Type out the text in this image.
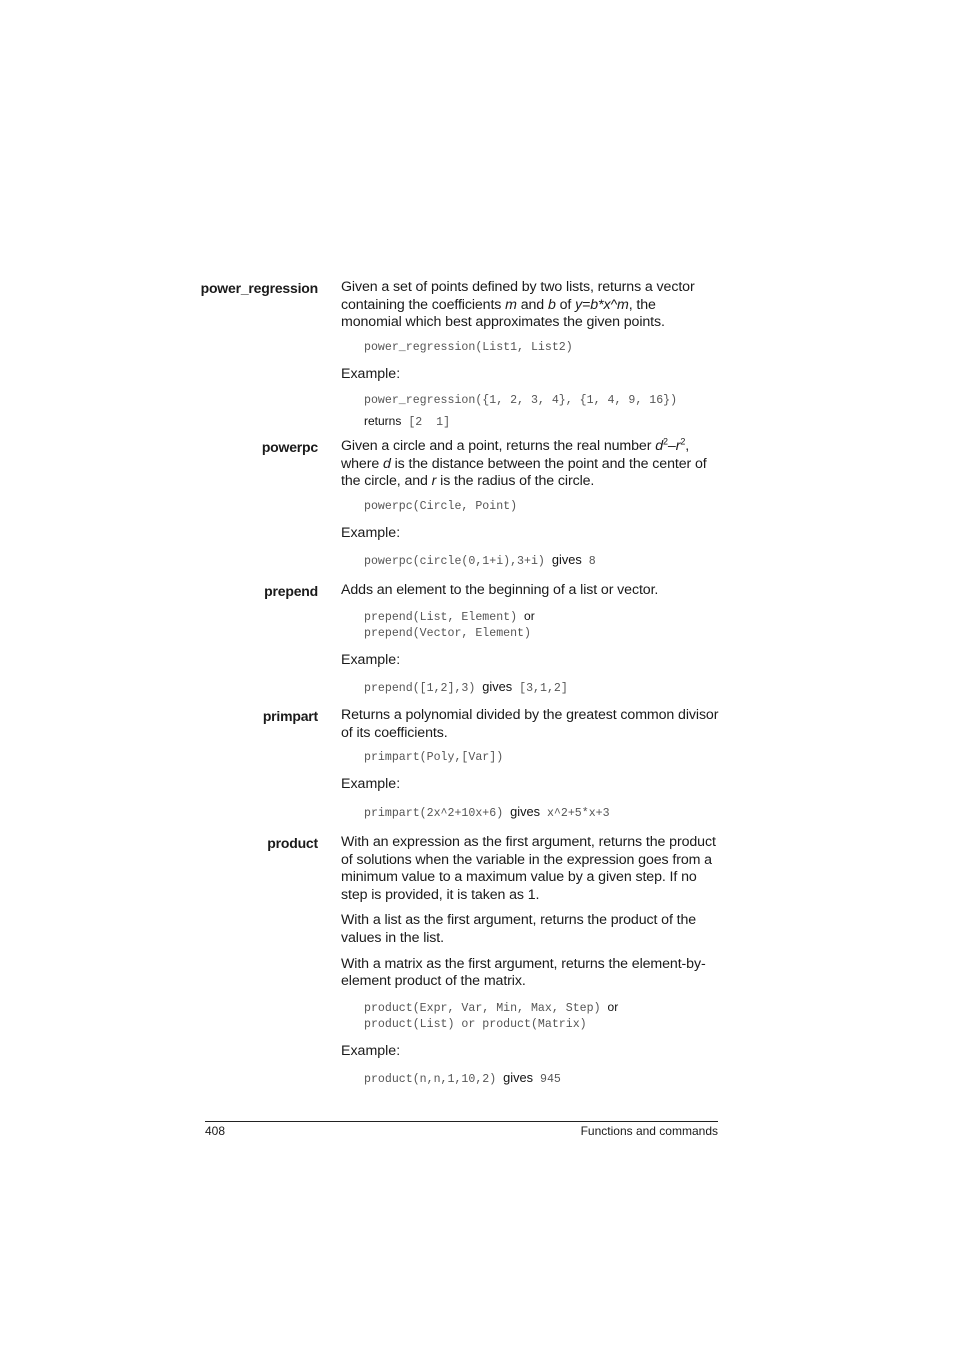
power_regression Given a set of points defined by two lists, returns a vector containing the coefficients m and b of y=b*x^m, the monomial which best approximates the given points.

power_regression(List1, List2)
Example:
power_regression({1, 2, 3, 4}, {1, 4, 9, 16})
returns [2  1]
powerpc Given a circle and a point, returns the real number $d^2-r^2$, where d is the distance between the point and the center of the circle, and r is the radius of the circle.

powerpc(Circle, Point)
Example:
powerpc(circle(0,1+i),3+i) gives 8
prepend Adds an element to the beginning of a list or vector.

prepend(List, Element) or
prepend(Vector, Element)
Example:
prepend([1,2],3) gives [3,1,2]
primpart Returns a polynomial divided by the greatest common divisor of its coefficients.

primpart(Poly,[Var])
Example:
primpart(2x^2+10x+6) gives x^2+5*x+3
product With an expression as the first argument, returns the product of solutions when the variable in the expression goes from a minimum value to a maximum value by a given step. If no step is provided, it is taken as 1.

With a list as the first argument, returns the product of the values in the list.

With a matrix as the first argument, returns the element-by-element product of the matrix.

product(Expr, Var, Min, Max, Step) or
product(List) or product(Matrix)
Example:
product(n,n,1,10,2) gives 945
408	Functions and commands
